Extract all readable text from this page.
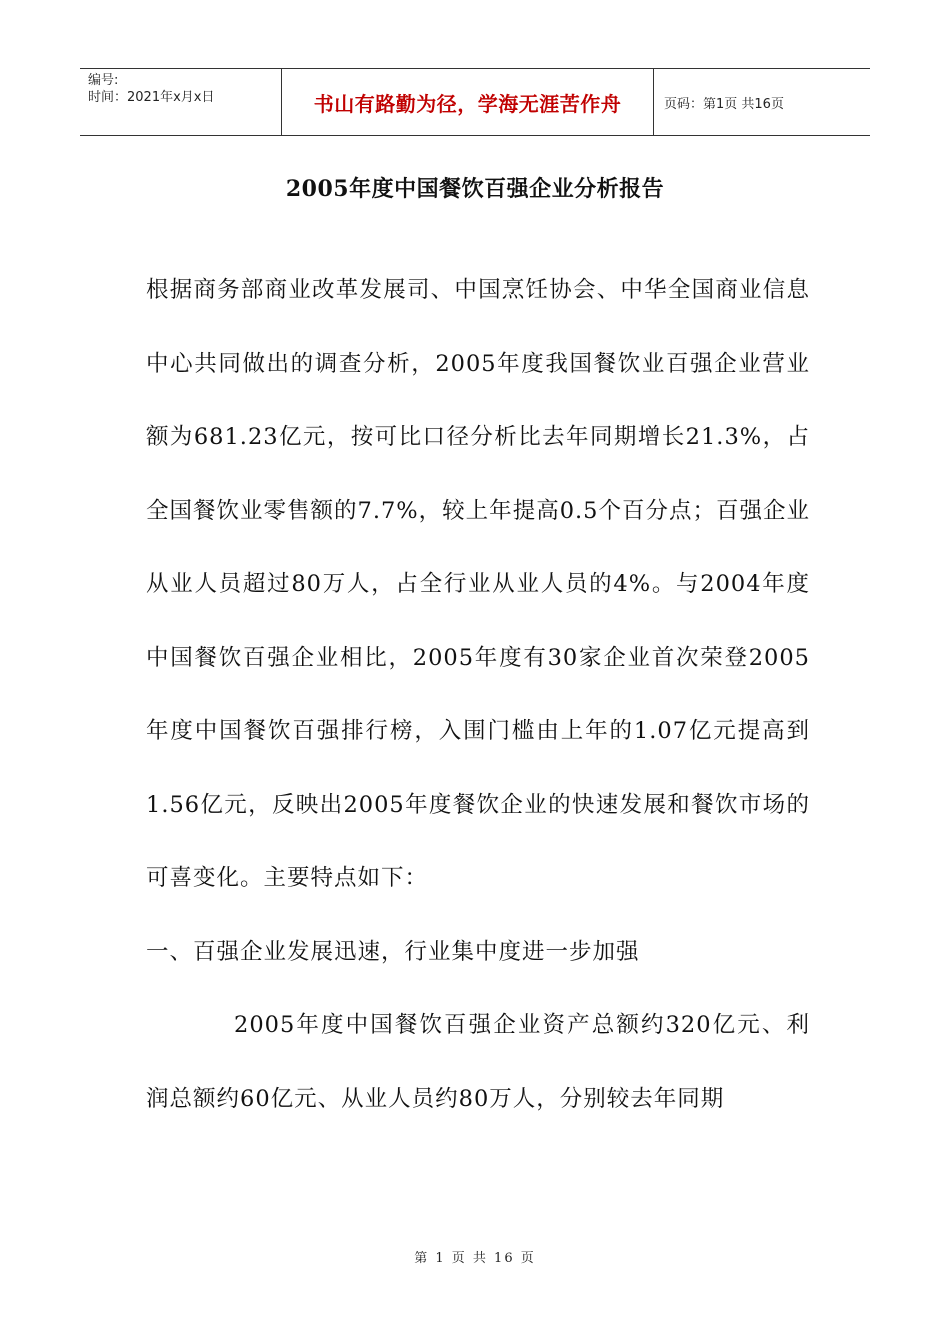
编号:
时间：2021年x月x日	书山有路勤为径，学海无涯苦作舟	页码：第1页 共16页
2005年度中国餐饮百强企业分析报告

根据商务部商业改革发展司、中国烹饪协会、中华全国商业信息中心共同做出的调查分析，2005年度我国餐饮业百强企业营业额为681.23亿元，按可比口径分析比去年同期增长21.3%，占全国餐饮业零售额的7.7%，较上年提高0.5个百分点；百强企业从业人员超过80万人，占全行业从业人员的4%。与2004年度中国餐饮百强企业相比，2005年度有30家企业首次荣登2005年度中国餐饮百强排行榜，入围门槛由上年的1.07亿元提高到1.56亿元，反映出2005年度餐饮企业的快速发展和餐饮市场的可喜变化。主要特点如下：

一、百强企业发展迅速，行业集中度进一步加强

2005年度中国餐饮百强企业资产总额约320亿元、利润总额约60亿元、从业人员约80万人，分别较去年同期

第 1 页 共 16 页
